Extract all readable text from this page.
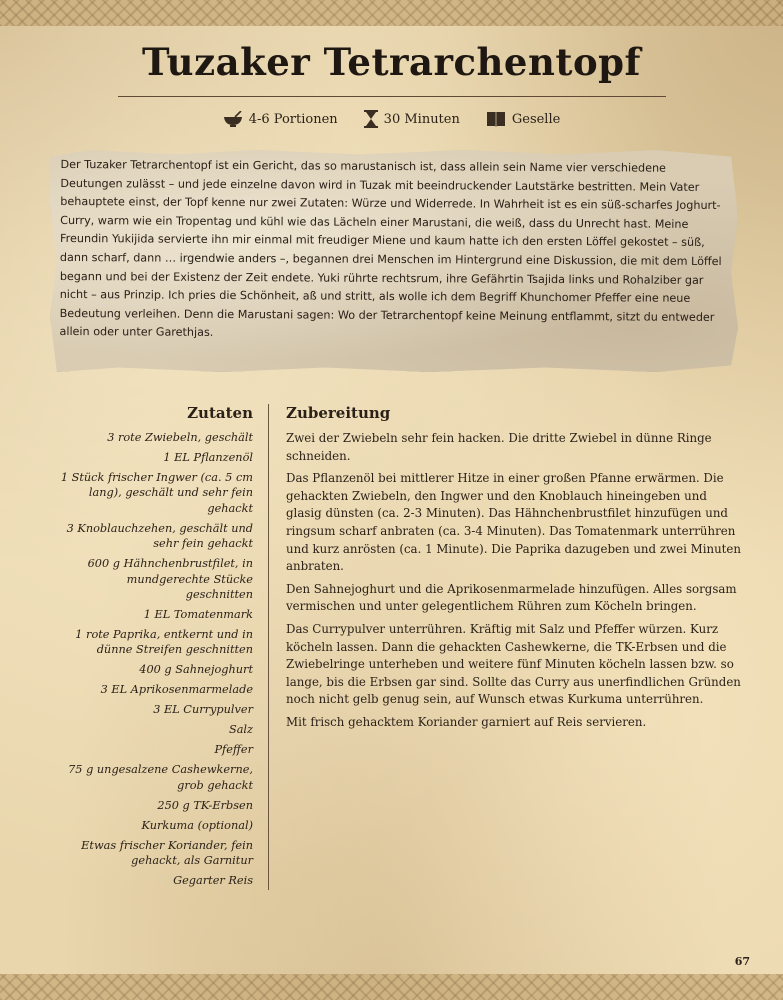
Tuzaker Tetrarchentopf
4-6 Portionen	30 Minuten	Geselle

Der Tuzaker Tetrarchentopf ist ein Gericht, das so marustanisch ist, dass allein sein Name vier verschiedene Deutungen zulässt – und jede einzelne davon wird in Tuzak mit beeindruckender Lautstärke bestritten. Mein Vater behauptete einst, der Topf kenne nur zwei Zutaten: Würze und Widerrede. In Wahrheit ist es ein süß-scharfes Joghurt-Curry, warm wie ein Tropentag und kühl wie das Lächeln einer Marustani, die weiß, dass du Unrecht hast. Meine Freundin Yukijida servierte ihn mir einmal mit freudiger Miene und kaum hatte ich den ersten Löffel gekostet – süß, dann scharf, dann … irgendwie anders –, begannen drei Menschen im Hintergrund eine Diskussion, die mit dem Löffel begann und bei der Existenz der Zeit endete. Yuki rührte rechtsrum, ihre Gefährtin Tsajida links und Rohalziber gar nicht – aus Prinzip. Ich pries die Schönheit, aß und stritt, als wolle ich dem Begriff Khunchomer Pfeffer eine neue Bedeutung verleihen. Denn die Marustani sagen: Wo der Tetrarchentopf keine Meinung entflammt, sitzt du entweder allein oder unter Garethjas.

Zutaten
3 rote Zwiebeln, geschält
1 EL Pflanzenöl
1 Stück frischer Ingwer (ca. 5 cm lang), geschält und sehr fein gehackt
3 Knoblauchzehen, geschält und sehr fein gehackt
600 g Hähnchenbrustfilet, in mundgerechte Stücke geschnitten
1 EL Tomatenmark
1 rote Paprika, entkernt und in dünne Streifen geschnitten
400 g Sahnejoghurt
3 EL Aprikosenmarmelade
3 EL Currypulver
Salz
Pfeffer
75 g ungesalzene Cashewkerne, grob gehackt
250 g TK-Erbsen
Kurkuma (optional)
Etwas frischer Koriander, fein gehackt, als Garnitur
Gegarter Reis
Zubereitung

Zwei der Zwiebeln sehr fein hacken. Die dritte Zwiebel in dünne Ringe schneiden.

Das Pflanzenöl bei mittlerer Hitze in einer großen Pfanne erwärmen. Die gehackten Zwiebeln, den Ingwer und den Knoblauch hineingeben und glasig dünsten (ca. 2-3 Minuten). Das Hähnchenbrustfilet hinzufügen und ringsum scharf anbraten (ca. 3-4 Minuten). Das Tomatenmark unterrühren und kurz anrösten (ca. 1 Minute). Die Paprika dazugeben und zwei Minuten anbraten.

Den Sahnejoghurt und die Aprikosenmarmelade hinzufügen. Alles sorgsam vermischen und unter gelegentlichem Rühren zum Köcheln bringen.

Das Currypulver unterrühren. Kräftig mit Salz und Pfeffer würzen. Kurz köcheln lassen. Dann die gehackten Cashewkerne, die TK-Erbsen und die Zwiebelringe unterheben und weitere fünf Minuten köcheln lassen bzw. so lange, bis die Erbsen gar sind. Sollte das Curry aus unerfindlichen Gründen noch nicht gelb genug sein, auf Wunsch etwas Kurkuma unterrühren.

Mit frisch gehacktem Koriander garniert auf Reis servieren.

67
